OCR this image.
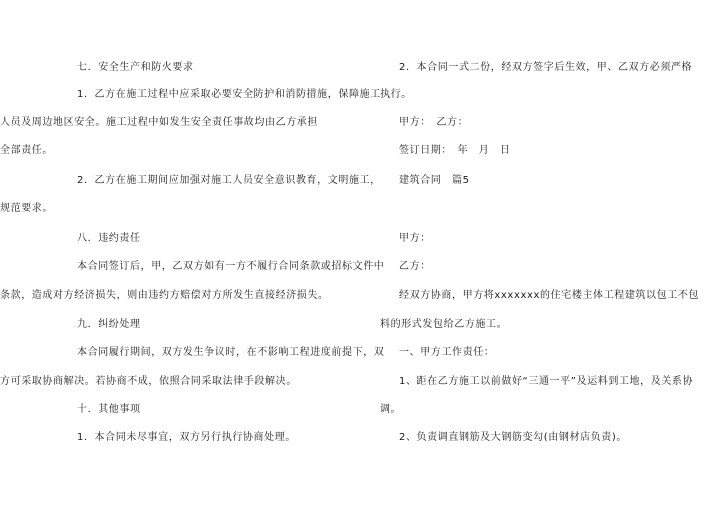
七．安全生产和防火要求
1．乙方在施工过程中应采取必要安全防护和消防措施，保障施工
人员及周边地区安全。施工过程中如发生安全责任事故均由乙方承担
全部责任。
2．乙方在施工期间应加强对施工人员安全意识教育，文明施工，
规范要求。
八．违约责任
本合同签订后，甲，乙双方如有一方不履行合同条款或招标文件中
条款，造成对方经济损失，则由违约方赔偿对方所发生直接经济损失。
九．纠纷处理
本合同履行期间，双方发生争议时，在不影响工程进度前提下，双
方可采取协商解决。若协商不成，依照合同采取法律手段解决。
十．其他事项
1．本合同未尽事宜，双方另行执行协商处理。
2．本合同一式二份，经双方签字后生效，甲、乙双方必须严格
执行。
甲方：　乙方：
签订日期：　年　月　日
建筑合同　篇5
甲方：
乙方：
经双方协商，甲方将xxxxxxx的住宅楼主体工程建筑以包工不包
料的形式发包给乙方施工。
一、甲方工作责任：
1、距在乙方施工以前做好“三通一平”及运料到工地，及关系协
调。
2、负责调直钢筋及大钢筋变勾(由钢材店负责)。
